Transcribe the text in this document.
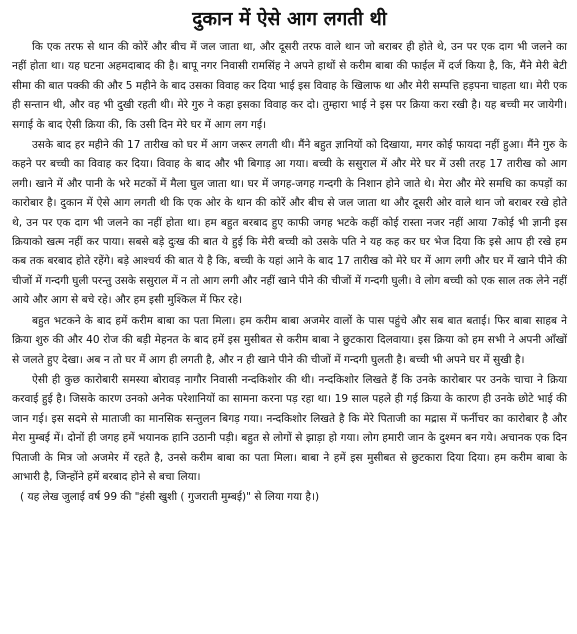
दुकान में ऐसे आग लगती थी

कि एक तरफ से थान की कोरें और बीच में जल जाता था, और दूसरी तरफ वाले थान जो बराबर ही होते थे, उन पर एक दाग भी जलने का नहीं होता था। यह घटना अहमदाबाद की है। बापू नगर निवासी रामसिंह ने अपने हाथों से करीम बाबा की फाईल में दर्ज किया है, कि, मैंने मेरी बेटी सीमा की बात पक्की की और 5 महीने के बाद उसका विवाह कर दिया भाई इस विवाह के खिलाफ था और मेरी सम्पत्ति हड़पना चाहता था। मेरी एक ही सन्तान थी, और वह भी दुखी रहती थी। मेरे गुरु ने कहा इसका विवाह कर दो। तुम्हारा भाई ने इस पर क्रिया करा रखी है। यह बच्ची मर जायेगी। सगाई के बाद ऐसी क्रिया की, कि उसी दिन मेरे घर में आग लग गई।

उसके बाद हर महीने की 17 तारीख को घर में आग जरूर लगती थी। मैंने बहुत ज्ञानियों को दिखाया, मगर कोई फायदा नहीं हुआ। मैंने गुरु के कहने पर बच्ची का विवाह कर दिया। विवाह के बाद और भी बिगाड़ आ गया। बच्ची के ससुराल में और मेरे घर में उसी तरह 17 तारीख को आग लगी। खाने में और पानी के भरे मटकों में मैला घुल जाता था। घर में जगह-जगह गन्दगी के निशान होने जाते थे। मेरा और मेरे समधि का कपड़ों का कारोबार है। दुकान में ऐसे आग लगती थी कि एक ओर के थान की कोरें और बीच से जल जाता था और दूसरी ओर वाले थान जो बराबर रखे होते थे, उन पर एक दाग भी जलने का नहीं होता था। हम बहुत बरबाद हुए काफी जगह भटके कहीं कोई रास्ता नजर नहीं आया 7कोई भी ज्ञानी इस क्रियाको खत्म नहीं कर पाया। सबसे बड़े दुःख की बात ये हुई कि मेरी बच्ची को उसके पति ने यह कह कर घर भेज दिया कि इसे आप ही रखे हम कब तक बरबाद होते रहेंगे। बड़े आश्चर्य की बात ये है कि, बच्ची के यहां आने के बाद 17 तारीख को मेरे घर में आग लगी और घर में खाने पीने की चीजों में गन्दगी घुली परन्तु उसके ससुराल में न तो आग लगी और नहीं खाने पीने की चीजों में गन्दगी घुली। वे लोग बच्ची को एक साल तक लेने नहीं आये और आग से बचे रहे। और हम इसी मुश्किल में फिर रहे।

बहुत भटकने के बाद हमें करीम बाबा का पता मिला। हम करीम बाबा अजमेर वालों के पास पहुंचे और सब बात बताई। फिर बाबा साहब ने क्रिया शुरु की और 40 रोज की बड़ी मेहनत के बाद हमें इस मुसीबत से करीम बाबा ने छुटकारा दिलवाया। इस क्रिया को हम सभी ने अपनी आँखों से जलते हुए देखा। अब न तो घर में आग ही लगती है, और न ही खाने पीने की चीजों में गन्दगी घुलती है। बच्ची भी अपने घर में सुखी है।

ऐसी ही कुछ कारोबारी समस्या बोरावड़ नागौर निवासी नन्दकिशोर की थी। नन्दकिशोर लिखते हैं कि उनके कारोबार पर उनके चाचा ने क्रिया करवाई हुई है। जिसके कारण उनको अनेक परेशानियों का सामना करना पड़ रहा था। 19 साल पहले ही गई क्रिया के कारण ही उनके छोटे भाई की जान गई। इस सदमे से माताजी का मानसिक सन्तुलन बिगड़ गया। नन्दकिशोर लिखते है कि मेरे पिताजी का मद्रास में फर्नीचर का कारोबार है और मेरा मुम्बई में। दोनों ही जगह हमें भयानक हानि उठानी पड़ी। बहुत से लोगों से झाड़ा हो गया। लोग हमारी जान के दुश्मन बन गये। अचानक एक दिन पिताजी के मित्र जो अजमेर में रहते है, उनसे करीम बाबा का पता मिला। बाबा ने हमें इस मुसीबत से छुटकारा दिया दिया। हम करीम बाबा के आभारी है, जिन्होंने हमें बरबाद होने से बचा लिया।

( यह लेख जुलाई वर्ष 99 की "हंसी खुशी ( गुजराती मुम्बई)" से लिया गया है।)
